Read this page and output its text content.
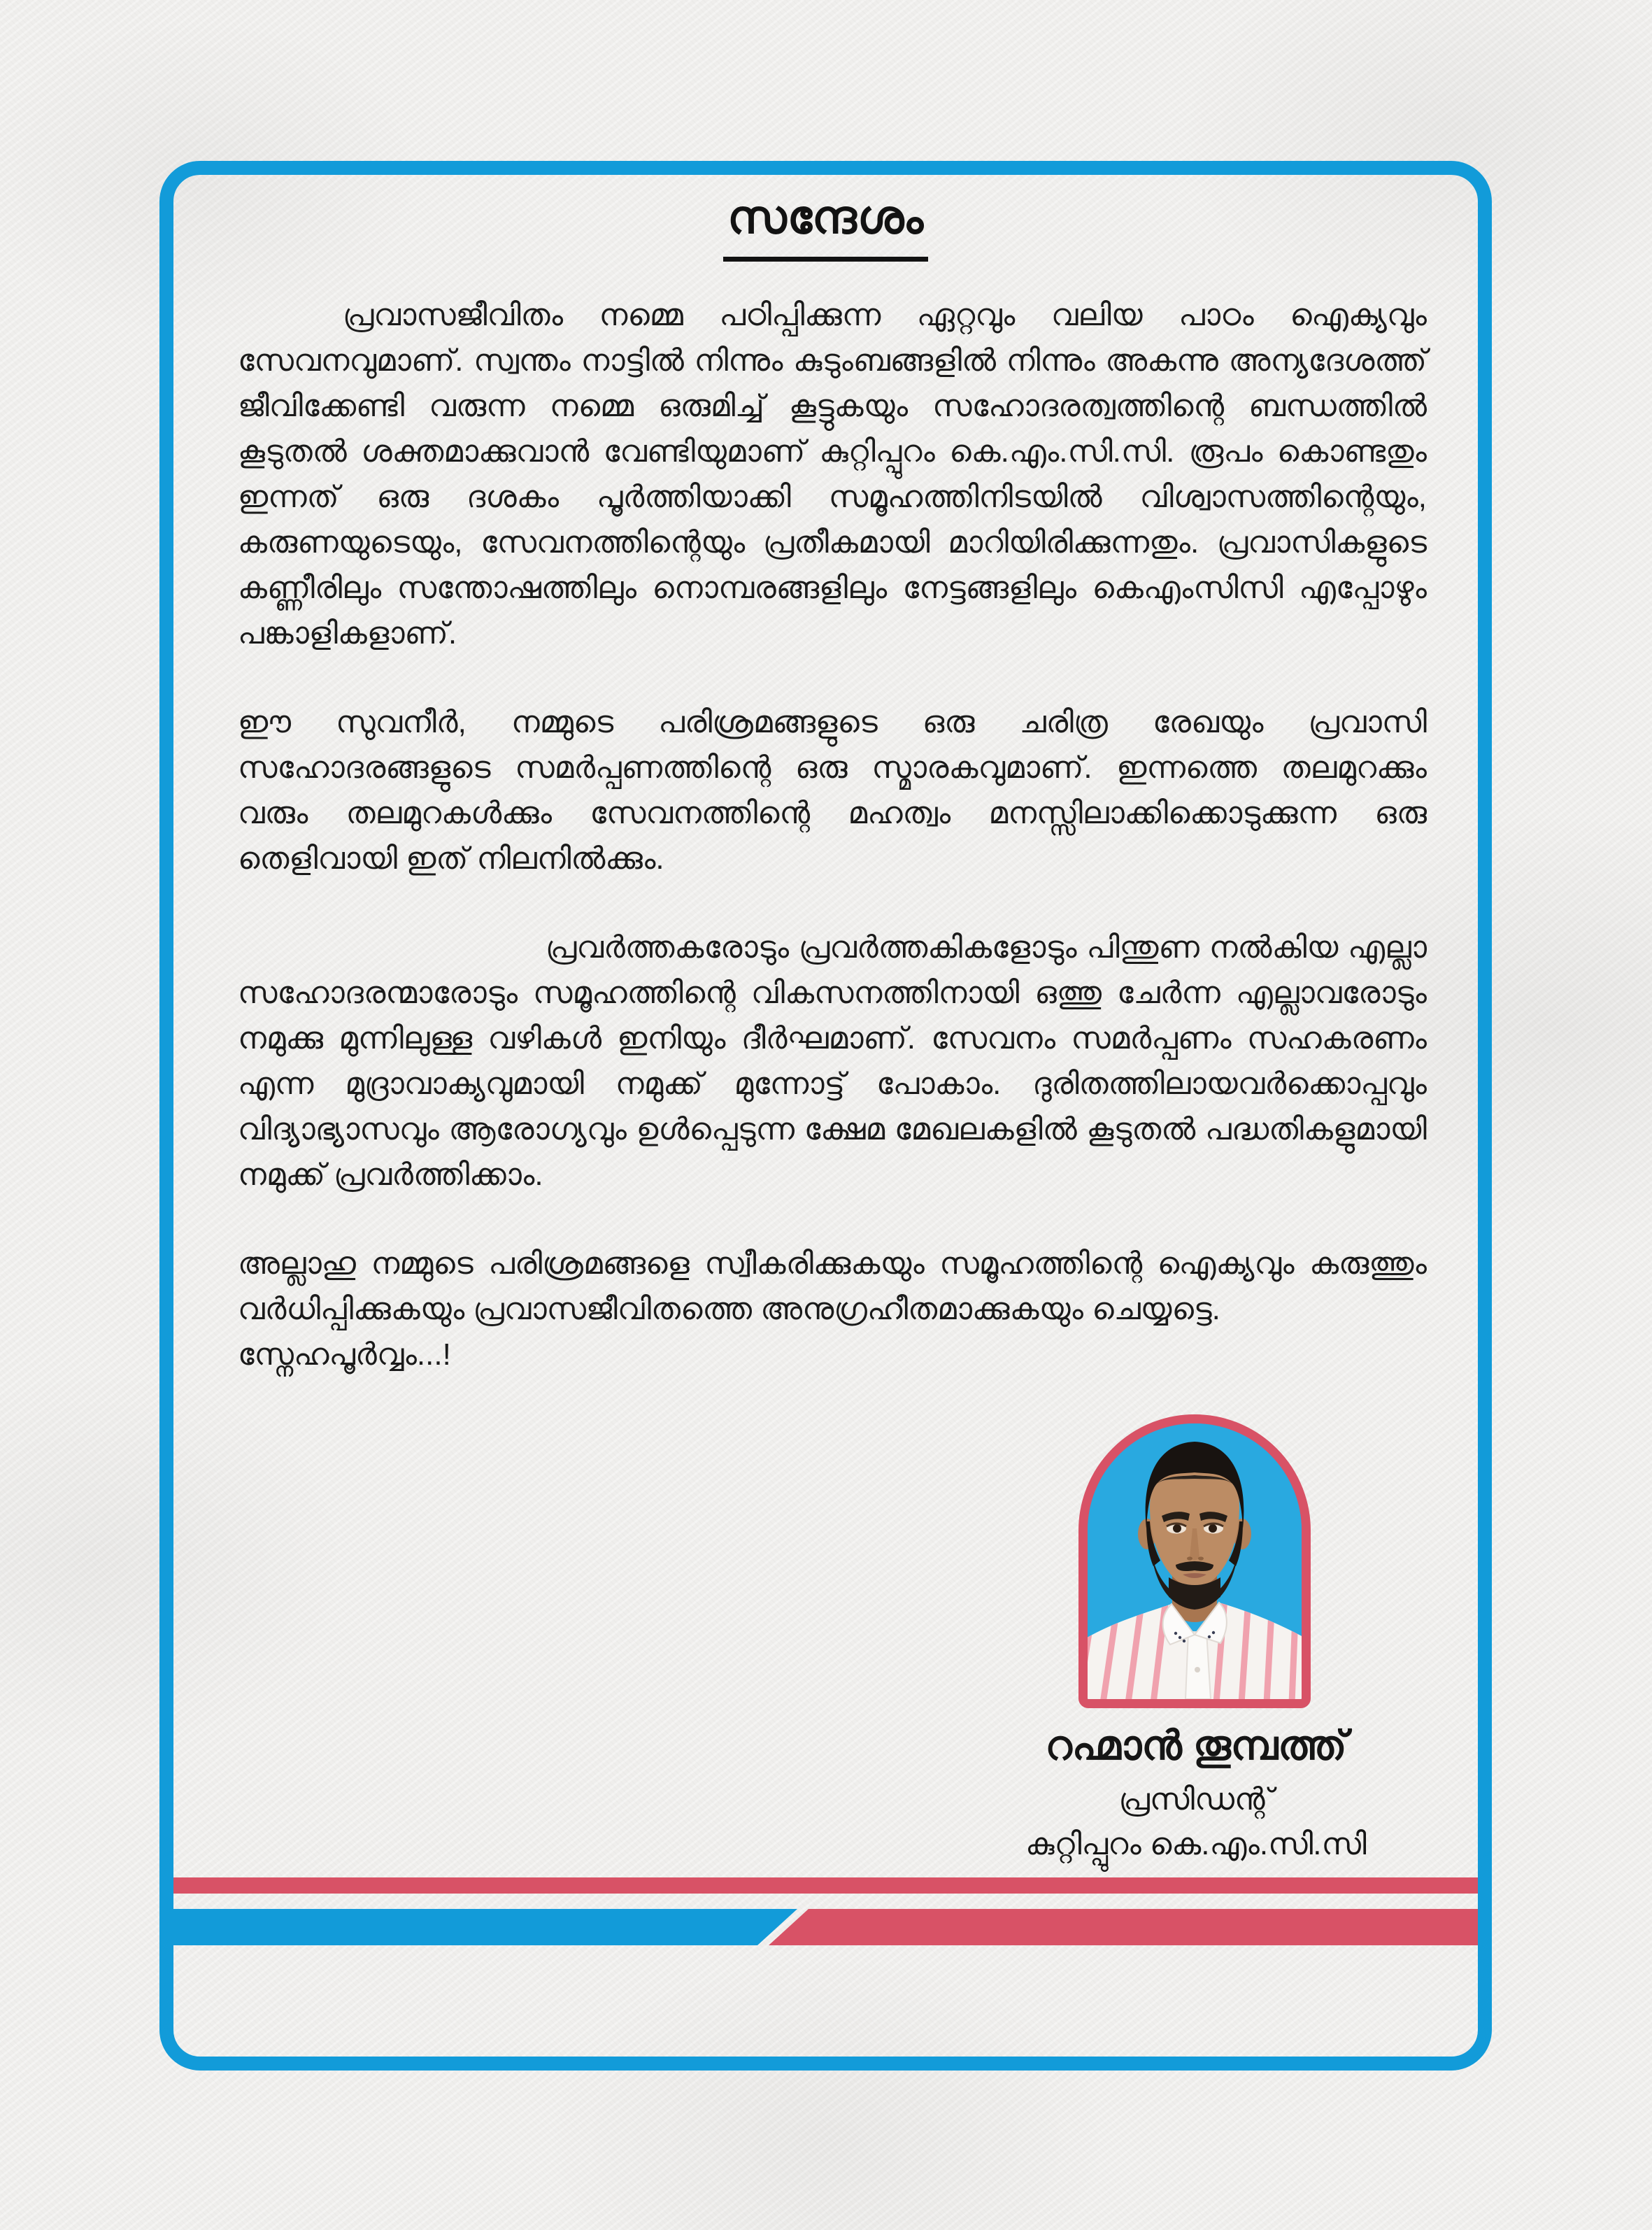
സന്ദേശം

പ്രവാസജീവിതം നമ്മെ പഠിപ്പിക്കുന്ന ഏറ്റവും വലിയ പാഠം ഐക്യവും സേവനവുമാണ്. സ്വന്തം നാട്ടിൽ നിന്നും കുടുംബങ്ങളിൽ നിന്നും അകന്നു അന്യദേശത്ത് ജീവിക്കേണ്ടി വരുന്ന നമ്മെ ഒരുമിച്ച് കൂട്ടുകയും സഹോദരത്വത്തിന്റെ ബന്ധത്തിൽ കൂടുതൽ ശക്തമാക്കുവാൻ വേണ്ടിയുമാണ് കുറ്റിപ്പുറം കെ.എം.സി.സി. രൂപം കൊണ്ടതും ഇന്നത് ഒരു ദശകം പൂർത്തിയാക്കി സമൂഹത്തിനിടയിൽ വിശ്വാസത്തിന്റെയും, കരുണയുടെയും, സേവനത്തിന്റെയും പ്രതീകമായി മാറിയിരിക്കുന്നതും. പ്രവാസികളുടെ കണ്ണീരിലും സന്തോഷത്തിലും നൊമ്പരങ്ങളിലും നേട്ടങ്ങളിലും കെഎംസിസി എപ്പോഴും പങ്കാളികളാണ്.

ഈ സുവനീർ, നമ്മുടെ പരിശ്രമങ്ങളുടെ ഒരു ചരിത്ര രേഖയും പ്രവാസി സഹോദരങ്ങളുടെ സമർപ്പണത്തിന്റെ ഒരു സ്മാരകവുമാണ്. ഇന്നത്തെ തലമുറക്കും വരും തലമുറകൾക്കും സേവനത്തിന്റെ മഹത്വം മനസ്സിലാക്കിക്കൊടുക്കുന്ന ഒരു തെളിവായി ഇത് നിലനിൽക്കും.

പ്രവർത്തകരോടും പ്രവർത്തകികളോടും പിന്തുണ നൽകിയ എല്ലാ സഹോദരന്മാരോടും സമൂഹത്തിന്റെ വികസനത്തിനായി ഒത്തു ചേർന്ന എല്ലാവരോടും നമുക്കു മുന്നിലുള്ള വഴികൾ ഇനിയും ദീർഘമാണ്. സേവനം സമർപ്പണം സഹകരണം എന്ന മുദ്രാവാക്യവുമായി നമുക്ക് മുന്നോട്ട് പോകാം. ദുരിതത്തിലായവർക്കൊപ്പവും വിദ്യാഭ്യാസവും ആരോഗ്യവും ഉൾപ്പെടുന്ന ക്ഷേമ മേഖലകളിൽ കൂടുതൽ പദ്ധതികളുമായി നമുക്ക് പ്രവർത്തിക്കാം.

അല്ലാഹു നമ്മുടെ പരിശ്രമങ്ങളെ സ്വീകരിക്കുകയും സമൂഹത്തിന്റെ ഐക്യവും കരുത്തും വർധിപ്പിക്കുകയും പ്രവാസജീവിതത്തെ അനുഗ്രഹീതമാക്കുകയും ചെയ്യട്ടെ.

സ്നേഹപൂർവ്വം...!

റഹ്മാൻ തൂമ്പത്ത്
പ്രസിഡന്റ്
കുറ്റിപ്പുറം കെ.എം.സി.സി
